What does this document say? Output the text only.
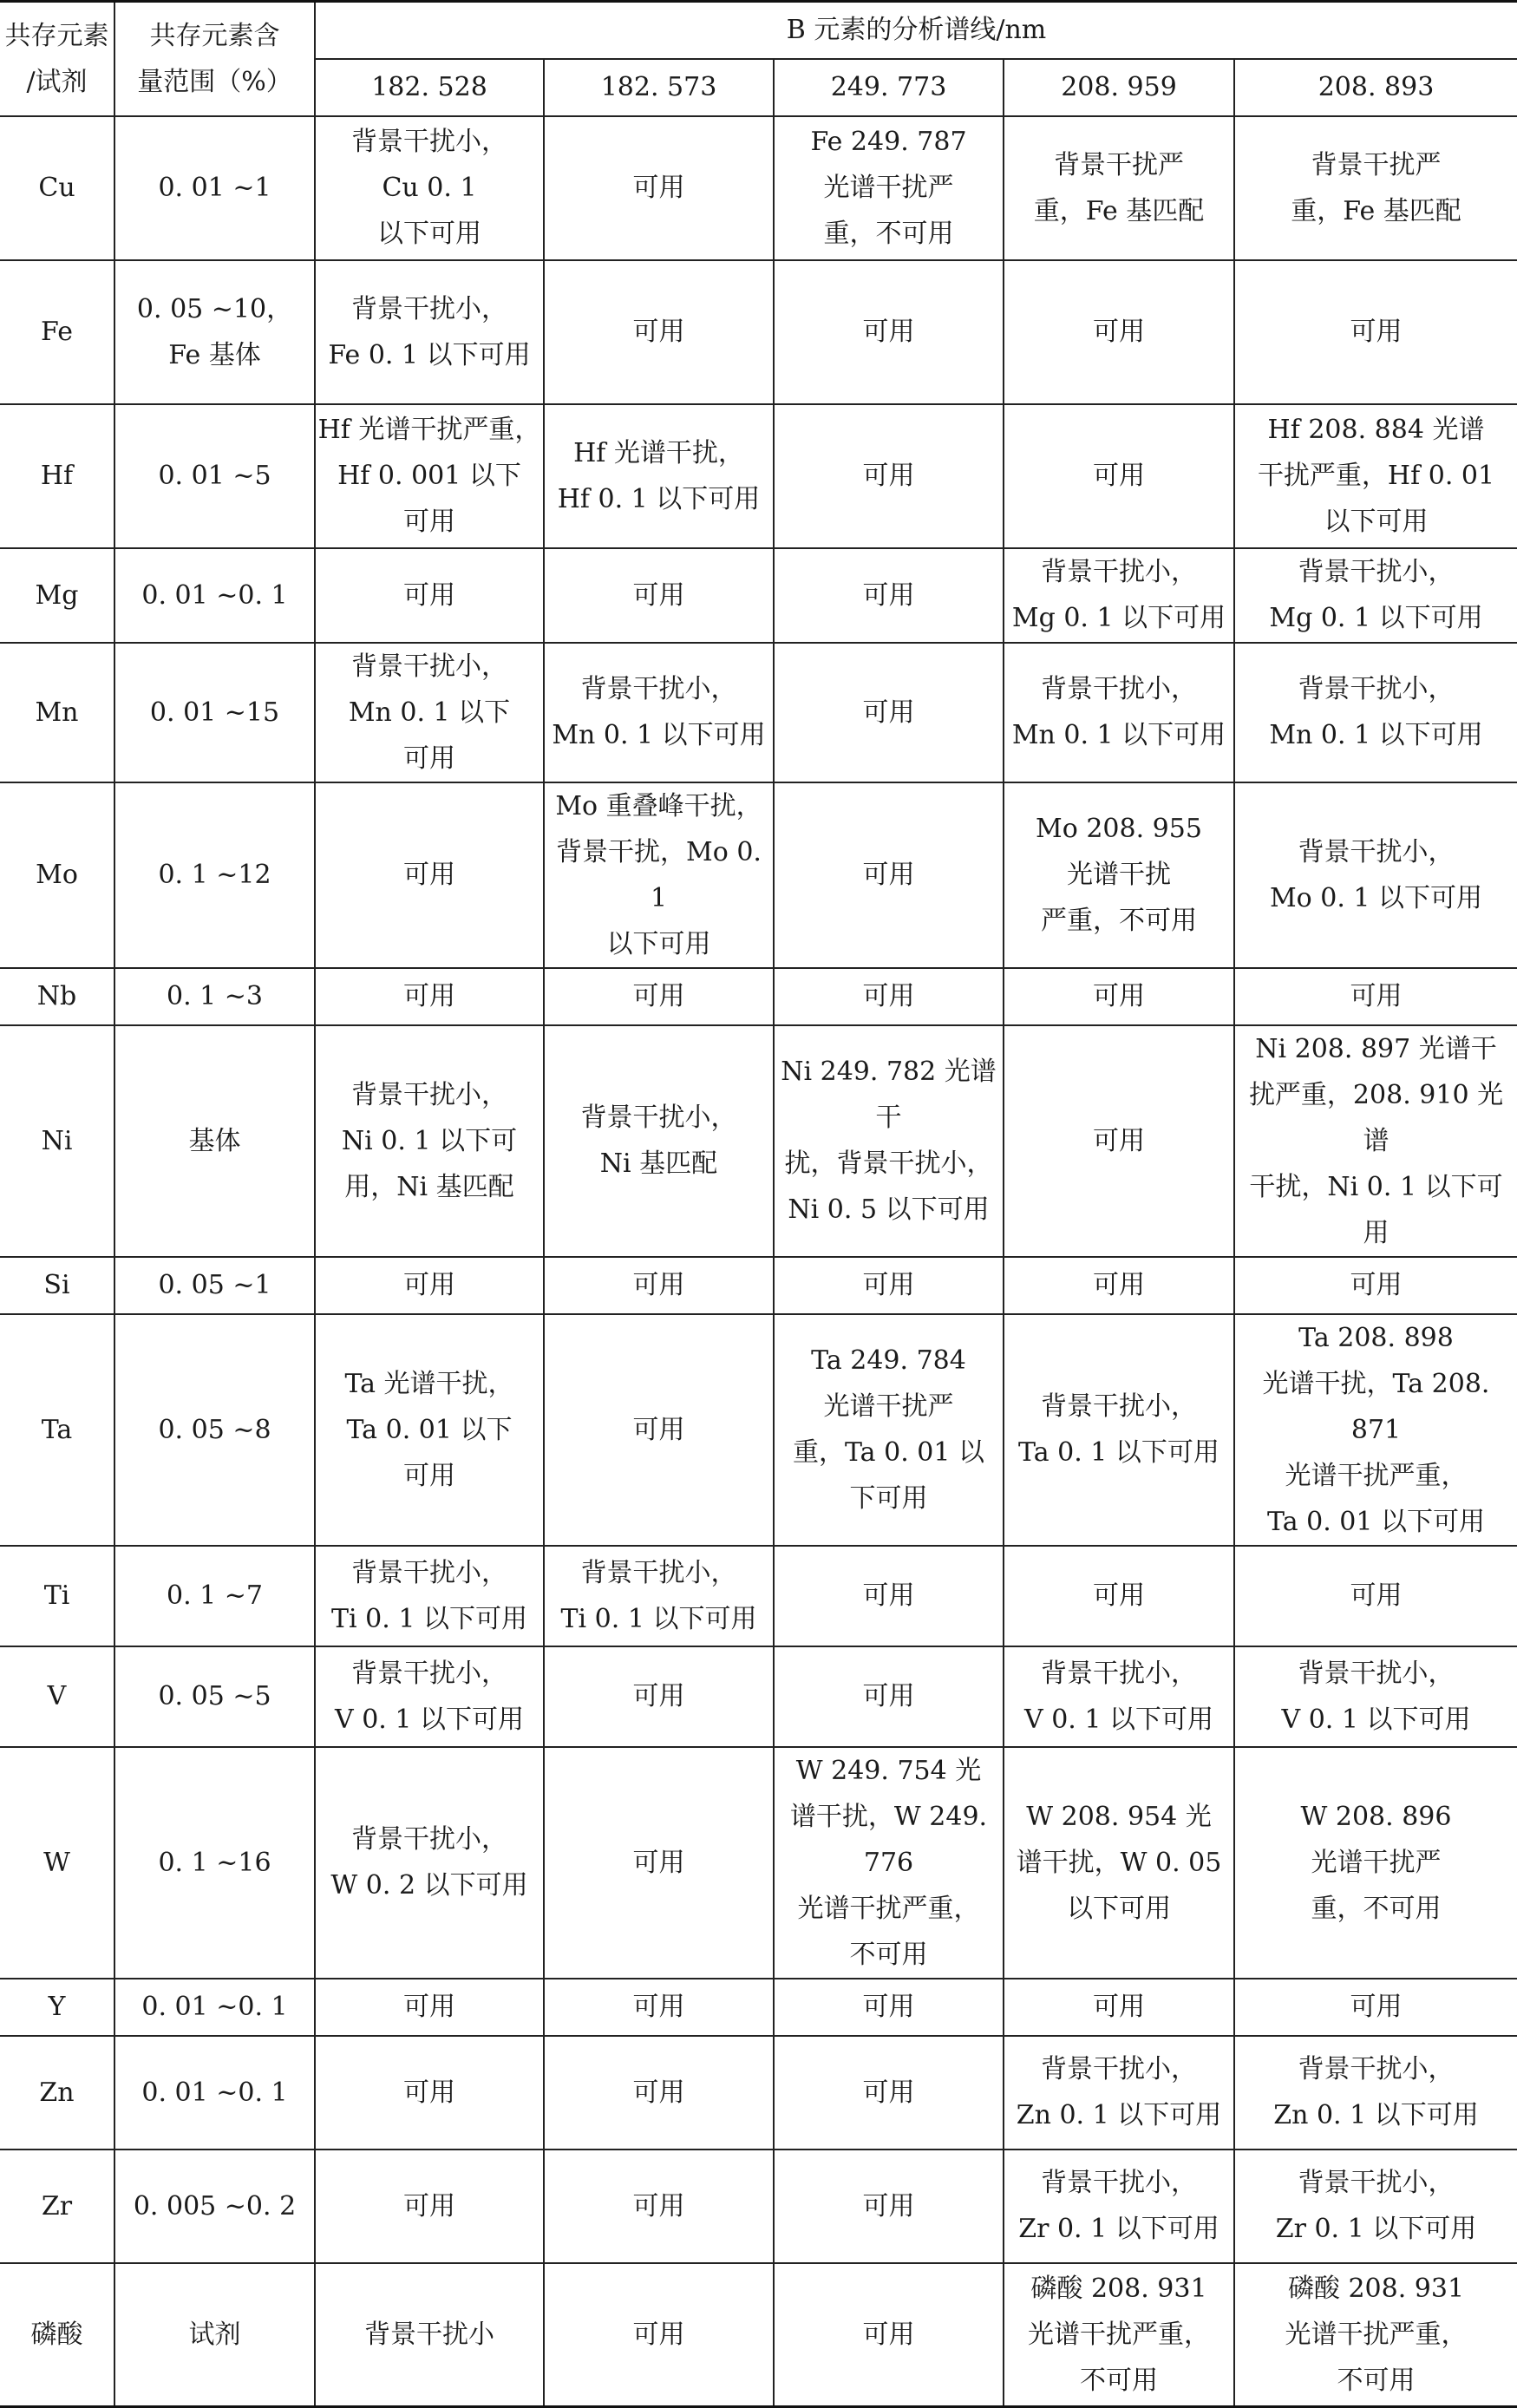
共存元素
/试剂	共存元素含
量范围（%）	B 元素的分析谱线/nm				
		182. 528	182. 573	249. 773	208. 959	208. 893
Cu	0. 01 ~1	背景干扰小，
Cu 0. 1
以下可用	可用	Fe 249. 787
光谱干扰严
重，不可用	背景干扰严
重，Fe 基匹配	背景干扰严
重，Fe 基匹配
Fe	0. 05 ~10，
Fe 基体	背景干扰小，
Fe 0. 1 以下可用	可用	可用	可用	可用
Hf	0. 01 ~5	Hf 光谱干扰严重，
Hf 0. 001 以下
可用	Hf 光谱干扰，
Hf 0. 1 以下可用	可用	可用	Hf 208. 884 光谱
干扰严重，Hf 0. 01
以下可用
Mg	0. 01 ~0. 1	可用	可用	可用	背景干扰小，
Mg 0. 1 以下可用	背景干扰小，
Mg 0. 1 以下可用
Mn	0. 01 ~15	背景干扰小，
Mn 0. 1 以下
可用	背景干扰小，
Mn 0. 1 以下可用	可用	背景干扰小，
Mn 0. 1 以下可用	背景干扰小，
Mn 0. 1 以下可用
Mo	0. 1 ~12	可用	Mo 重叠峰干扰，
背景干扰，Mo 0. 1
以下可用	可用	Mo 208. 955
光谱干扰
严重，不可用	背景干扰小，
Mo 0. 1 以下可用
Nb	0. 1 ~3	可用	可用	可用	可用	可用
Ni	基体	背景干扰小，
Ni 0. 1 以下可
用，Ni 基匹配	背景干扰小，
Ni 基匹配	Ni 249. 782 光谱干
扰，背景干扰小，
Ni 0. 5 以下可用	可用	Ni 208. 897 光谱干
扰严重，208. 910 光谱
干扰，Ni 0. 1 以下可用
Si	0. 05 ~1	可用	可用	可用	可用	可用
Ta	0. 05 ~8	Ta 光谱干扰，
Ta 0. 01 以下
可用	可用	Ta 249. 784
光谱干扰严
重，Ta 0. 01 以
下可用	背景干扰小，
Ta 0. 1 以下可用	Ta 208. 898
光谱干扰，Ta 208. 871
光谱干扰严重，
Ta 0. 01 以下可用
Ti	0. 1 ~7	背景干扰小，
Ti 0. 1 以下可用	背景干扰小，
Ti 0. 1 以下可用	可用	可用	可用
V	0. 05 ~5	背景干扰小，
V 0. 1 以下可用	可用	可用	背景干扰小，
V 0. 1 以下可用	背景干扰小，
V 0. 1 以下可用
W	0. 1 ~16	背景干扰小，
W 0. 2 以下可用	可用	W 249. 754 光
谱干扰，W 249. 776
光谱干扰严重，
不可用	W 208. 954 光
谱干扰，W 0. 05
以下可用	W 208. 896
光谱干扰严
重，不可用
Y	0. 01 ~0. 1	可用	可用	可用	可用	可用
Zn	0. 01 ~0. 1	可用	可用	可用	背景干扰小，
Zn 0. 1 以下可用	背景干扰小，
Zn 0. 1 以下可用
Zr	0. 005 ~0. 2	可用	可用	可用	背景干扰小，
Zr 0. 1 以下可用	背景干扰小，
Zr 0. 1 以下可用
磷酸	试剂	背景干扰小	可用	可用	磷酸 208. 931
光谱干扰严重，
不可用	磷酸 208. 931
光谱干扰严重，
不可用
